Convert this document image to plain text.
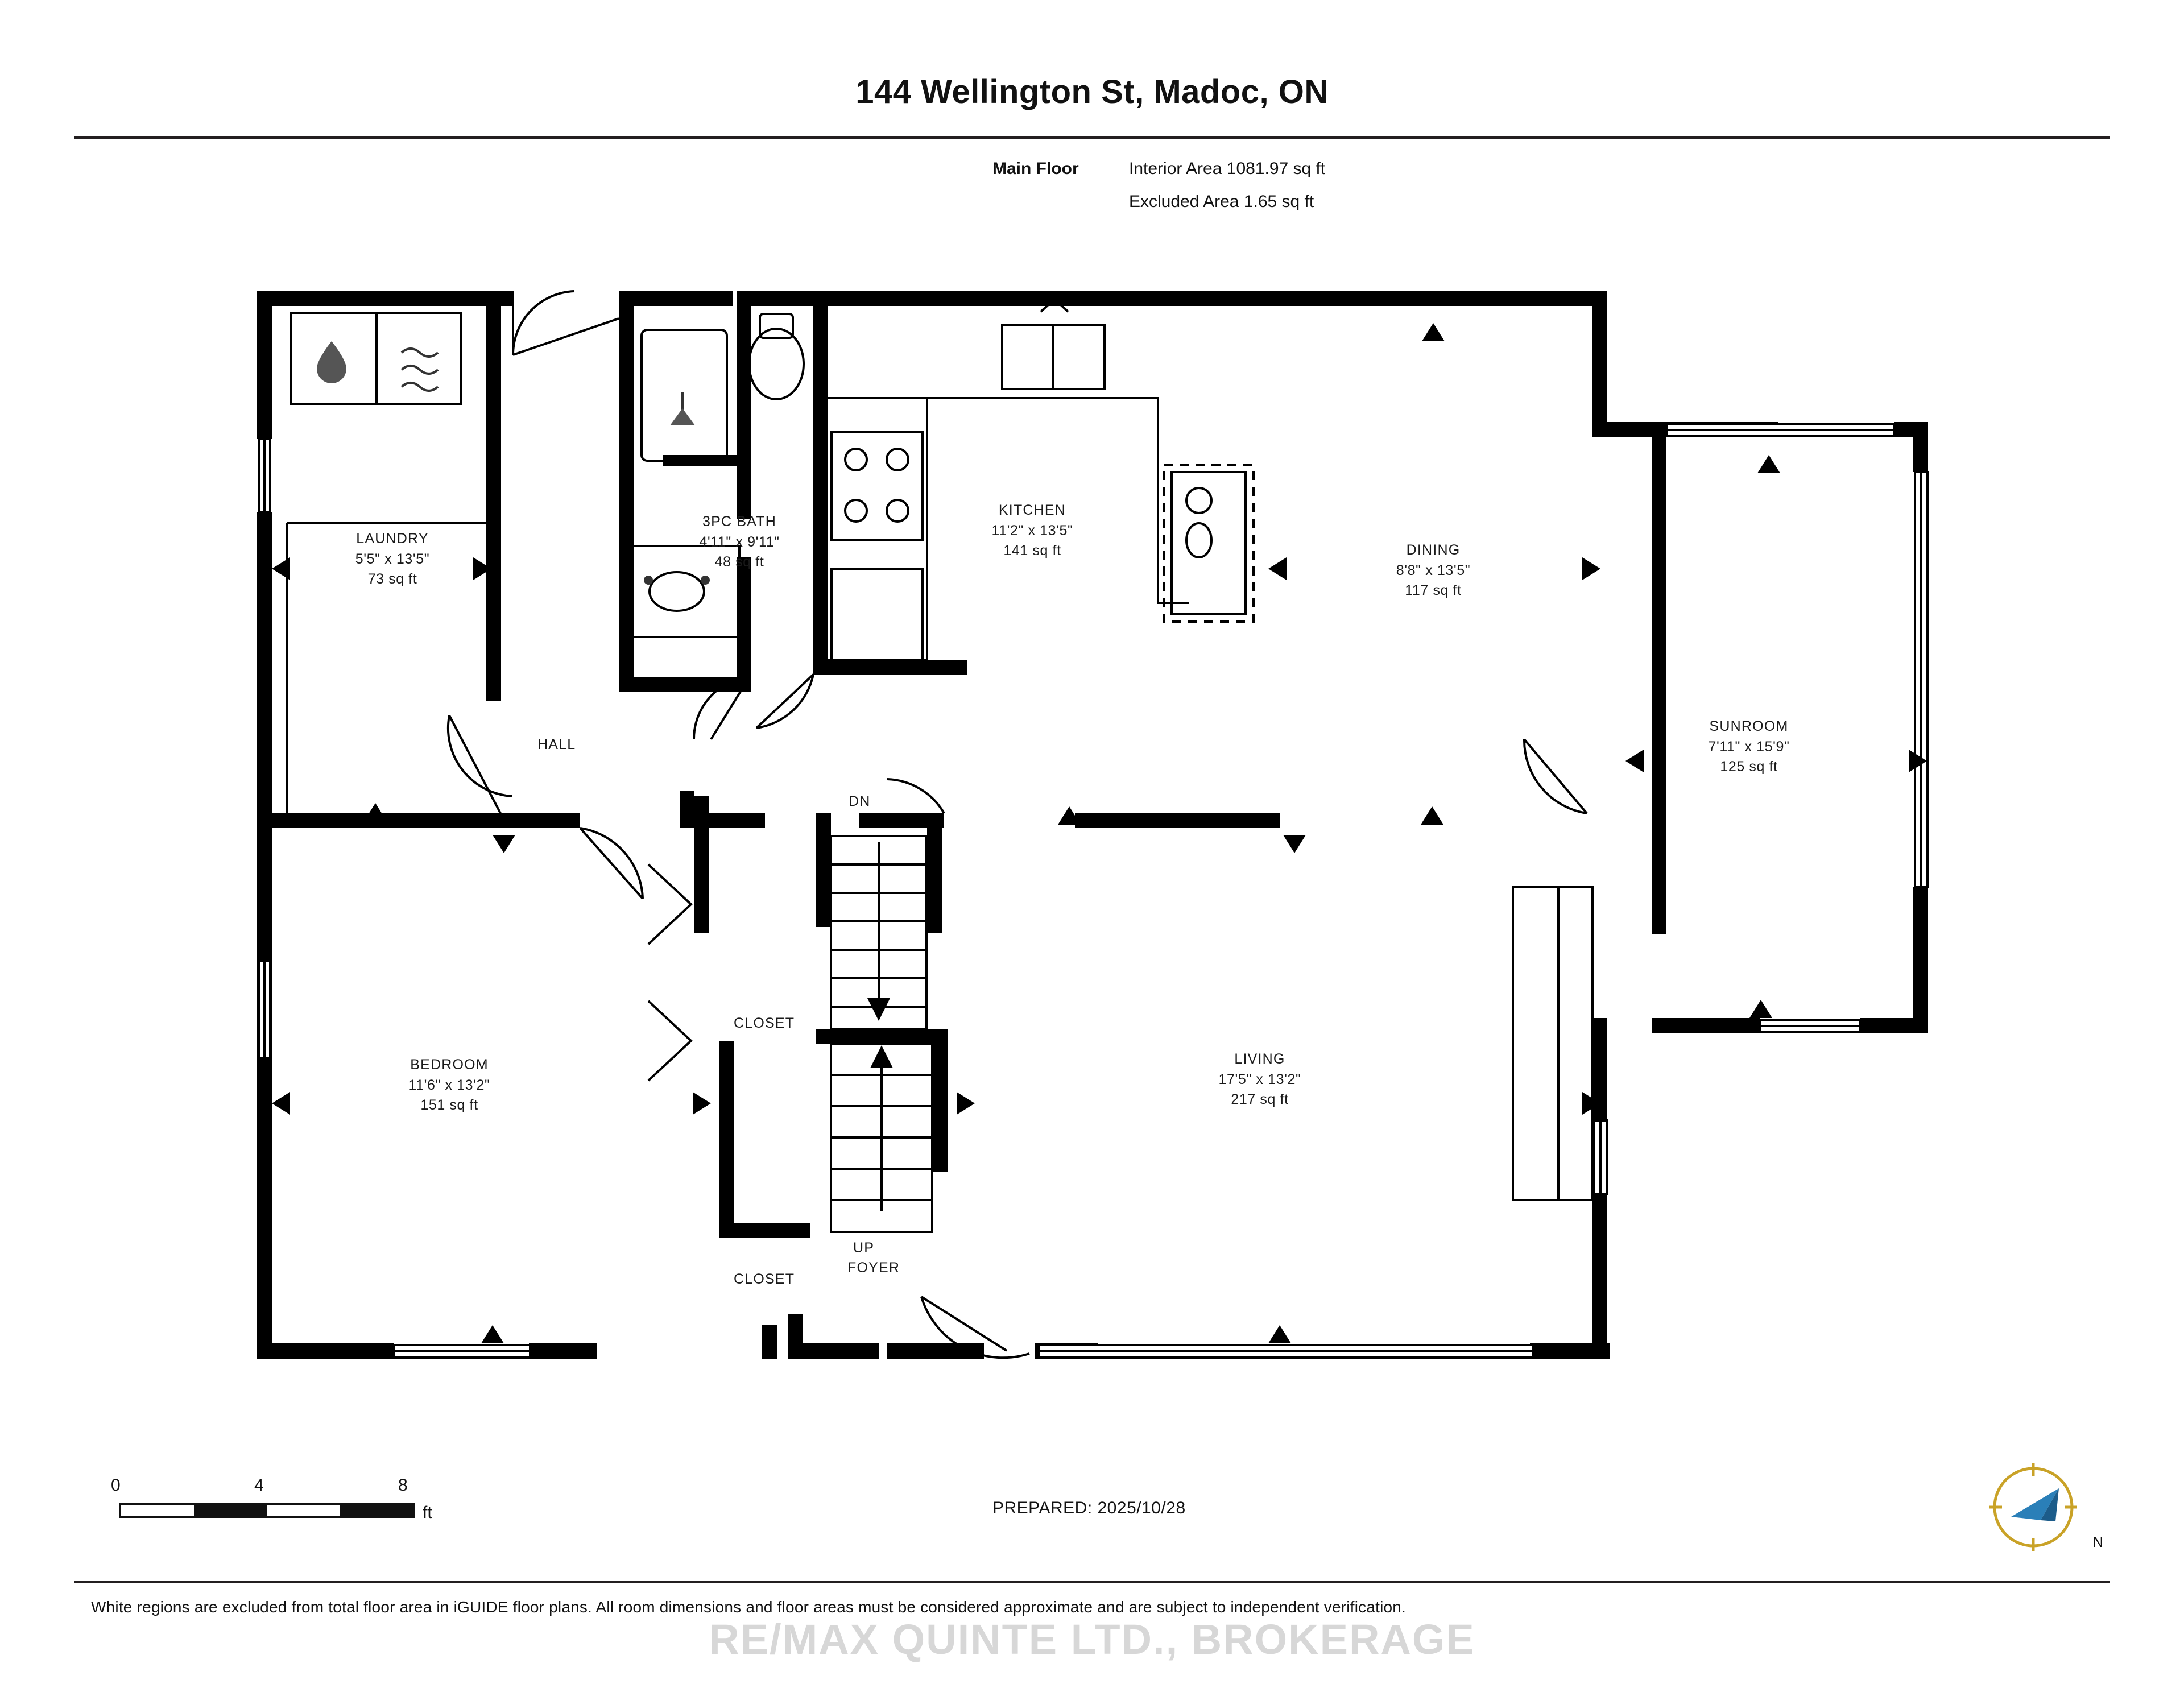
144 Wellington St, Madoc, ON
Main Floor	Interior Area 1081.97 sq ft
Excluded Area 1.65 sq ft
LAUNDRY
5'5" x 13'5"
73 sq ft
3PC BATH
4'11" x 9'11"
48 sq ft
KITCHEN
11'2" x 13'5"
141 sq ft	DINING
8'8" x 13'5"
117 sq ft
SUNROOM
7'11" x 15'9"
125 sq ft
BEDROOM
11'6" x 13'2"
151 sq ft
LIVING
17'5" x 13'2"
217 sq ft
HALL
DN
CLOSET
UP
CLOSET
FOYER
0	4	8
ft	PREPARED: 2025/10/28
N
White regions are excluded from total floor area in iGUIDE floor plans. All room dimensions and floor areas must be considered approximate and are subject to independent verification.
RE/MAX QUINTE LTD., BROKERAGE
